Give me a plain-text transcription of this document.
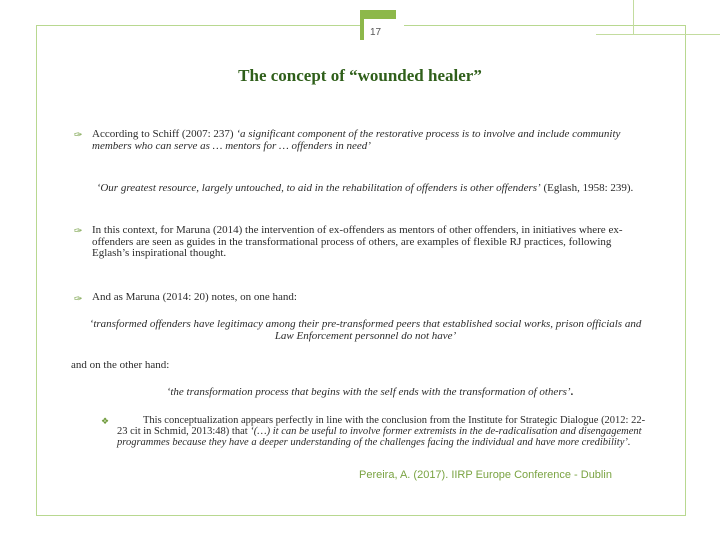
17
The concept of “wounded healer”
✑ According to Schiff (2007: 237) ‘a significant component of the restorative process is to involve and include community members who can serve as … mentors for … offenders in need’
‘Our greatest resource, largely untouched, to aid in the rehabilitation of offenders is other offenders’ (Eglash, 1958: 239).
✑ In this context, for Maruna (2014) the intervention of ex-offenders as mentors of other offenders, in initiatives where ex-offenders are seen as guides in the transformational process of others, are examples of flexible RJ practices, following Eglash’s inspirational thought.
✑ And as Maruna (2014: 20) notes, on one hand:
‘transformed offenders have legitimacy among their pre-transformed peers that established social works, prison officials and Law Enforcement personnel do not have’
and on the other hand:
‘the transformation process that begins with the self ends with the transformation of others’.
❖	This conceptualization appears perfectly in line with the conclusion from the Institute for Strategic Dialogue (2012: 22-23 cit in Schmid, 2013:48) that ‘(…) it can be useful to involve former extremists in the de-radicalisation and disengagement programmes because they have a deeper understanding of the challenges facing the individual and have more credibility’.
Pereira, A. (2017). IIRP Europe Conference - Dublin
